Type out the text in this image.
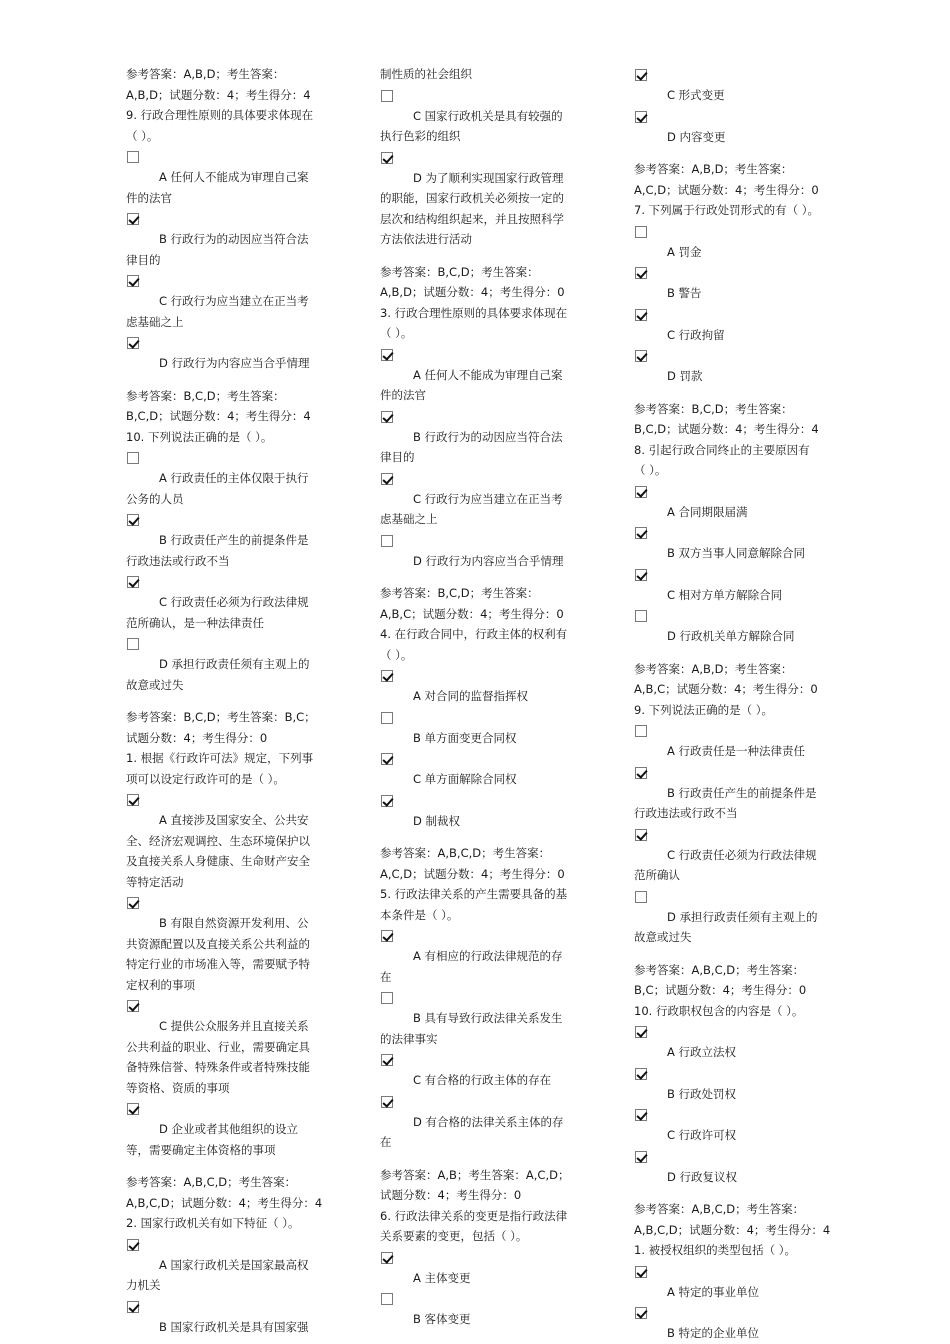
参考答案：A,B,D；考生答案：
A,B,D；试题分数：4；考生得分：4
9. 行政合理性原则的具体要求体现在
（ ）。
A 任何人不能成为审理自己案
件的法官
B 行政行为的动因应当符合法
律目的
C 行政行为应当建立在正当考
虑基础之上
D 行政行为内容应当合乎情理
参考答案：B,C,D；考生答案：
B,C,D；试题分数：4；考生得分：4
10. 下列说法正确的是（ ）。
A 行政责任的主体仅限于执行
公务的人员
B 行政责任产生的前提条件是
行政违法或行政不当
C 行政责任必须为行政法律规
范所确认，是一种法律责任
D 承担行政责任须有主观上的
故意或过失
参考答案：B,C,D；考生答案：B,C；
试题分数：4；考生得分：0
1. 根据《行政许可法》规定，下列事
项可以设定行政许可的是（ ）。
A 直接涉及国家安全、公共安
全、经济宏观调控、生态环境保护以
及直接关系人身健康、生命财产安全
等特定活动
B 有限自然资源开发利用、公
共资源配置以及直接关系公共利益的
特定行业的市场准入等，需要赋予特
定权利的事项
C 提供公众服务并且直接关系
公共利益的职业、行业，需要确定具
备特殊信誉、特殊条件或者特殊技能
等资格、资质的事项
D 企业或者其他组织的设立
等，需要确定主体资格的事项
参考答案：A,B,C,D；考生答案：
A,B,C,D；试题分数：4；考生得分：4
2. 国家行政机关有如下特征（ ）。
A 国家行政机关是国家最高权
力机关
B 国家行政机关是具有国家强
制性质的社会组织
C 国家行政机关是具有较强的
执行色彩的组织
D 为了顺利实现国家行政管理
的职能，国家行政机关必须按一定的
层次和结构组织起来，并且按照科学
方法依法进行活动
参考答案：B,C,D；考生答案：
A,B,D；试题分数：4；考生得分：0
3. 行政合理性原则的具体要求体现在
（ ）。
A 任何人不能成为审理自己案
件的法官
B 行政行为的动因应当符合法
律目的
C 行政行为应当建立在正当考
虑基础之上
D 行政行为内容应当合乎情理
参考答案：B,C,D；考生答案：
A,B,C；试题分数：4；考生得分：0
4. 在行政合同中，行政主体的权利有
（ ）。
A 对合同的监督指挥权
B 单方面变更合同权
C 单方面解除合同权
D 制裁权
参考答案：A,B,C,D；考生答案：
A,C,D；试题分数：4；考生得分：0
5. 行政法律关系的产生需要具备的基
本条件是（ ）。
A 有相应的行政法律规范的存
在
B 具有导致行政法律关系发生
的法律事实
C 有合格的行政主体的存在
D 有合格的法律关系主体的存
在
参考答案：A,B；考生答案：A,C,D；
试题分数：4；考生得分：0
6. 行政法律关系的变更是指行政法律
关系要素的变更，包括（ ）。
A 主体变更
B 客体变更
C 形式变更
D 内容变更
参考答案：A,B,D；考生答案：
A,C,D；试题分数：4；考生得分：0
7. 下列属于行政处罚形式的有（ ）。
A 罚金
B 警告
C 行政拘留
D 罚款
参考答案：B,C,D；考生答案：
B,C,D；试题分数：4；考生得分：4
8. 引起行政合同终止的主要原因有
（ ）。
A 合同期限届满
B 双方当事人同意解除合同
C 相对方单方解除合同
D 行政机关单方解除合同
参考答案：A,B,D；考生答案：
A,B,C；试题分数：4；考生得分：0
9. 下列说法正确的是（ ）。
A 行政责任是一种法律责任
B 行政责任产生的前提条件是
行政违法或行政不当
C 行政责任必须为行政法律规
范所确认
D 承担行政责任须有主观上的
故意或过失
参考答案：A,B,C,D；考生答案：
B,C；试题分数：4；考生得分：0
10. 行政职权包含的内容是（ ）。
A 行政立法权
B 行政处罚权
C 行政许可权
D 行政复议权
参考答案：A,B,C,D；考生答案：
A,B,C,D；试题分数：4；考生得分：4
1. 被授权组织的类型包括（ ）。
A 特定的事业单位
B 特定的企业单位
